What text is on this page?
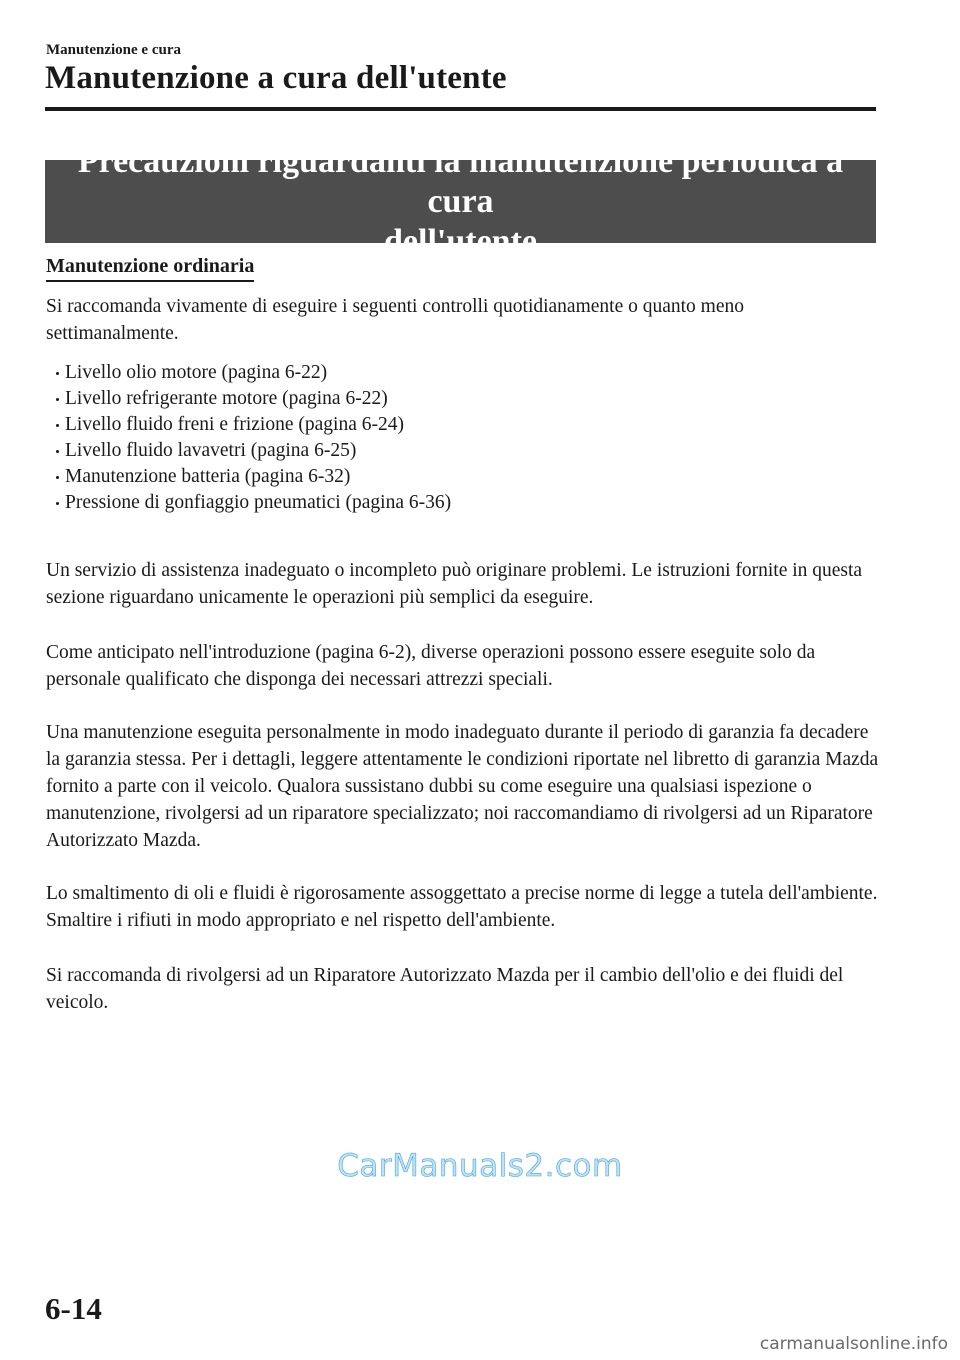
Manutenzione e cura
Manutenzione a cura dell'utente
Precauzioni riguardanti la manutenzione periodica a cura
dell'utente
Manutenzione ordinaria

Si raccomanda vivamente di eseguire i seguenti controlli quotidianamente o quanto meno settimanalmente.

Livello olio motore (pagina 6-22)
Livello refrigerante motore (pagina 6-22)
Livello fluido freni e frizione (pagina 6-24)
Livello fluido lavavetri (pagina 6-25)
Manutenzione batteria (pagina 6-32)
Pressione di gonfiaggio pneumatici (pagina 6-36)

Un servizio di assistenza inadeguato o incompleto può originare problemi. Le istruzioni fornite in questa sezione riguardano unicamente le operazioni più semplici da eseguire.

Come anticipato nell'introduzione (pagina 6-2), diverse operazioni possono essere eseguite solo da personale qualificato che disponga dei necessari attrezzi speciali.

Una manutenzione eseguita personalmente in modo inadeguato durante il periodo di garanzia fa decadere la garanzia stessa. Per i dettagli, leggere attentamente le condizioni riportate nel libretto di garanzia Mazda fornito a parte con il veicolo. Qualora sussistano dubbi su come eseguire una qualsiasi ispezione o manutenzione, rivolgersi ad un riparatore specializzato; noi raccomandiamo di rivolgersi ad un Riparatore Autorizzato Mazda.

Lo smaltimento di oli e fluidi è rigorosamente assoggettato a precise norme di legge a tutela dell'ambiente. Smaltire i rifiuti in modo appropriato e nel rispetto dell'ambiente.

Si raccomanda di rivolgersi ad un Riparatore Autorizzato Mazda per il cambio dell'olio e dei fluidi del veicolo.

CarManuals2.com
6-14
carmanualsonline.info
